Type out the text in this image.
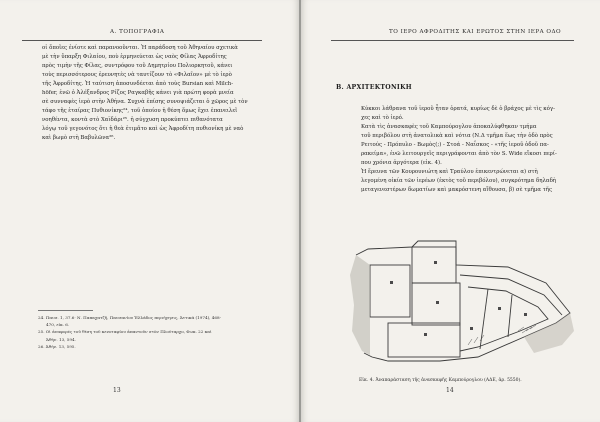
Α. ΤΟΠΟΓΡΑΦΙΑ
οἱ ὅποῖες ἐνίοτε καὶ παρανοοῦνται. Ἡ παράδοση τοῦ Ἀθηναίου σχετικὰ
μὲ τὴν ὕπαρξη Φιλαίου, ποὺ ἑρμηνεύεται ὡς ναὸς Φίλας Ἀφροδίτης
πρὸς τιμὴν τῆς Φίλας, συντρόφου τοῦ Δημητρίου Πολιορκητοῦ, κάνει
τοὺς περισσότερους ἐρευνητὲς νὰ ταυτίζουν τὸ «Φιλαῖον» μὲ τὸ ἱερὸ
τῆς Ἀφροδίτης. Ἡ ταύτιση ἀποσυνδέεται ἀπὸ τοὺς Bursian καὶ Milch-
höfer, ἐνῶ ὁ Ἀλέξανδρος Ρίζος Ραγκαβῆς κάνει γιὰ πρώτη φορὰ μνεία
σὲ συνναφὲς ἱερὸ στὴν Ἀθήνα. Συχνὰ ἐπίσης συνοψιάζεται ὁ χῶρος μὲ τὸν
τάφο τῆς ἑταίρας Πυθιονίκης²⁴, τοῦ ὁποίου ἡ θέση ὅμως ἔχει ἐπανειλεῖ
νοηθέντα, κοντὰ στὸ Χαϊδάρι²⁵. ἡ σύγχυση προκύπτει πιθανότατα
λόγῳ τοῦ γεγονότος ὅτι ἡ θεὰ ἐτιμᾶτο καὶ ὡς Ἀφροδίτη πυθιονίκη μὲ ναὸ
καὶ βωμὸ στὴ Βαβυλῶνα²⁶.
24. Παυσ. 1, 37.6· Ν. Παπαχατζῆ, Παυσανίου Ἑλλάδος περιήγησις, Ἀττικά (1974), 468-
470, εἰκ. 6.
25. Οἱ ἀναφορὲς τοῦ θέση τοῦ κενοταφίου ἀπαντοῦν στὸν Πλούταρχο, Φωκ. 22 καὶ
Ἀθήν. 13, 594.
26. Ἀθήν. 13, 595.
13
ΤΟ ΙΕΡΟ ΑΦΡΟΔΙΤΗΣ ΚΑΙ ΕΡΩΤΟΣ ΣΤΗΝ ΙΕΡΑ ΟΔΟ
Β. ΑΡΧΙΤΕΚΤΟΝΙΚΗ
Κύκκοι λάθρανα τοῦ ἱεροῦ ἦταν ὁρατά, κυρίως δὲ ὁ βράχος μὲ τὶς κόγ-
χες καὶ τὸ ἱερό.
Κατὰ τὶς ἀνασκαφὲς τοῦ Καμπούρογλου ἀποκαλύφθηκαν τμήμα
τοῦ περιβόλου στὴ ἀνατολικὰ καὶ νότια (Ν.Δ τμῆμα ἕως τὴν ὁδὸ πρὸς
Ρειτούς - Πρόπυλο - Βωμὸς(;) - Στοά - Ναΐσκος - «τῆς ἱεροῦ ὁδοῦ πα-
ρακείμα», ἐνῶ λειτουργεῖς περιγράφονται ἀπὸ τὸν S. Wide εἴκοσι περί-
που χρόνια ἀργότερα (εἰκ. 4).
Ἡ ἔρευνα τῶν Κουρουνιώτη καὶ Τραύλου ἐπικεντρώνεται α) στὴ
λεγομένη οἰκία τῶν ἱερέων (ἐκτὸς τοῦ περιβόλου), συγκρότημα δηλαδὴ
μεταγενεστέρων δωματίων καὶ μακρόστενη αἴθουσα, β) σὲ τμῆμα τῆς
Εἰκ. 4. Ἀναπαράσταση τῆς ἀνασκαφῆς Καμπούρογλου (ΑΔΕ, ἀρ. 5550).
14
